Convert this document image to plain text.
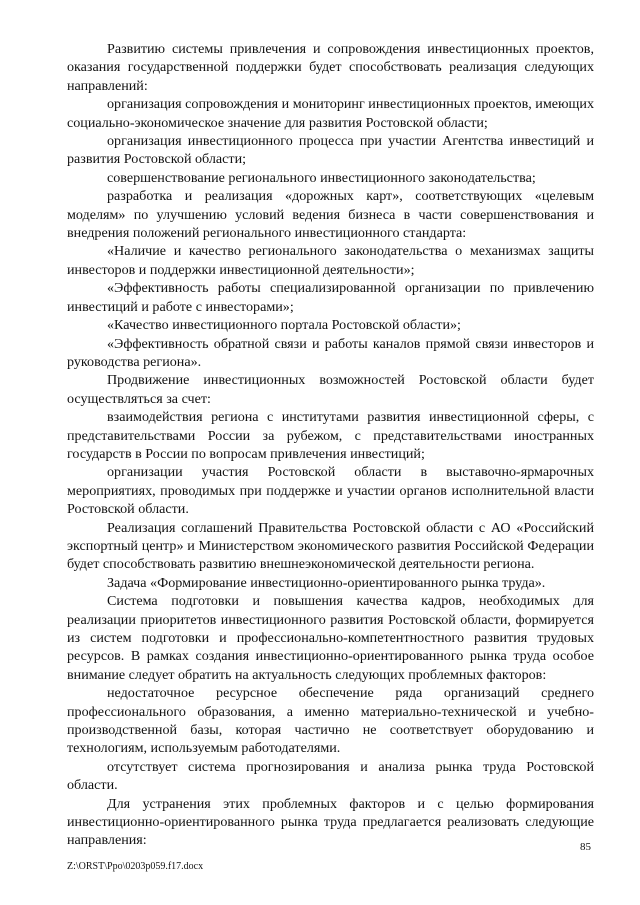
Развитию системы привлечения и сопровождения инвестиционных проектов, оказания государственной поддержки будет способствовать реализация следующих направлений:

организация сопровождения и мониторинг инвестиционных проектов, имеющих социально-экономическое значение для развития Ростовской области;

организация инвестиционного процесса при участии Агентства инвестиций и развития Ростовской области;

совершенствование регионального инвестиционного законодательства;

разработка и реализация «дорожных карт», соответствующих «целевым моделям» по улучшению условий ведения бизнеса в части совершенствования и внедрения положений регионального инвестиционного стандарта:

«Наличие и качество регионального законодательства о механизмах защиты инвесторов и поддержки инвестиционной деятельности»;

«Эффективность работы специализированной организации по привлечению инвестиций и работе с инвесторами»;

«Качество инвестиционного портала Ростовской области»;

«Эффективность обратной связи и работы каналов прямой связи инвесторов и руководства региона».

Продвижение инвестиционных возможностей Ростовской области будет осуществляться за счет:

взаимодействия региона с институтами развития инвестиционной сферы, с представительствами России за рубежом, с представительствами иностранных государств в России по вопросам привлечения инвестиций;

организации участия Ростовской области в выставочно-ярмарочных мероприятиях, проводимых при поддержке и участии органов исполнительной власти Ростовской области.

Реализация соглашений Правительства Ростовской области с АО «Российский экспортный центр» и Министерством экономического развития Российской Федерации будет способствовать развитию внешнеэкономической деятельности региона.

Задача «Формирование инвестиционно-ориентированного рынка труда».

Система подготовки и повышения качества кадров, необходимых для реализации приоритетов инвестиционного развития Ростовской области, формируется из систем подготовки и профессионально-компетентностного развития трудовых ресурсов. В рамках создания инвестиционно-ориентированного рынка труда особое внимание следует обратить на актуальность следующих проблемных факторов:

недостаточное ресурсное обеспечение ряда организаций среднего профессионального образования, а именно материально-технической и учебно-производственной базы, которая частично не соответствует оборудованию и технологиям, используемым работодателями.

отсутствует система прогнозирования и анализа рынка труда Ростовской области.

Для устранения этих проблемных факторов и с целью формирования инвестиционно-ориентированного рынка труда предлагается реализовать следующие направления:	85
Z:\ORST\Ppo\0203p059.f17.docx
